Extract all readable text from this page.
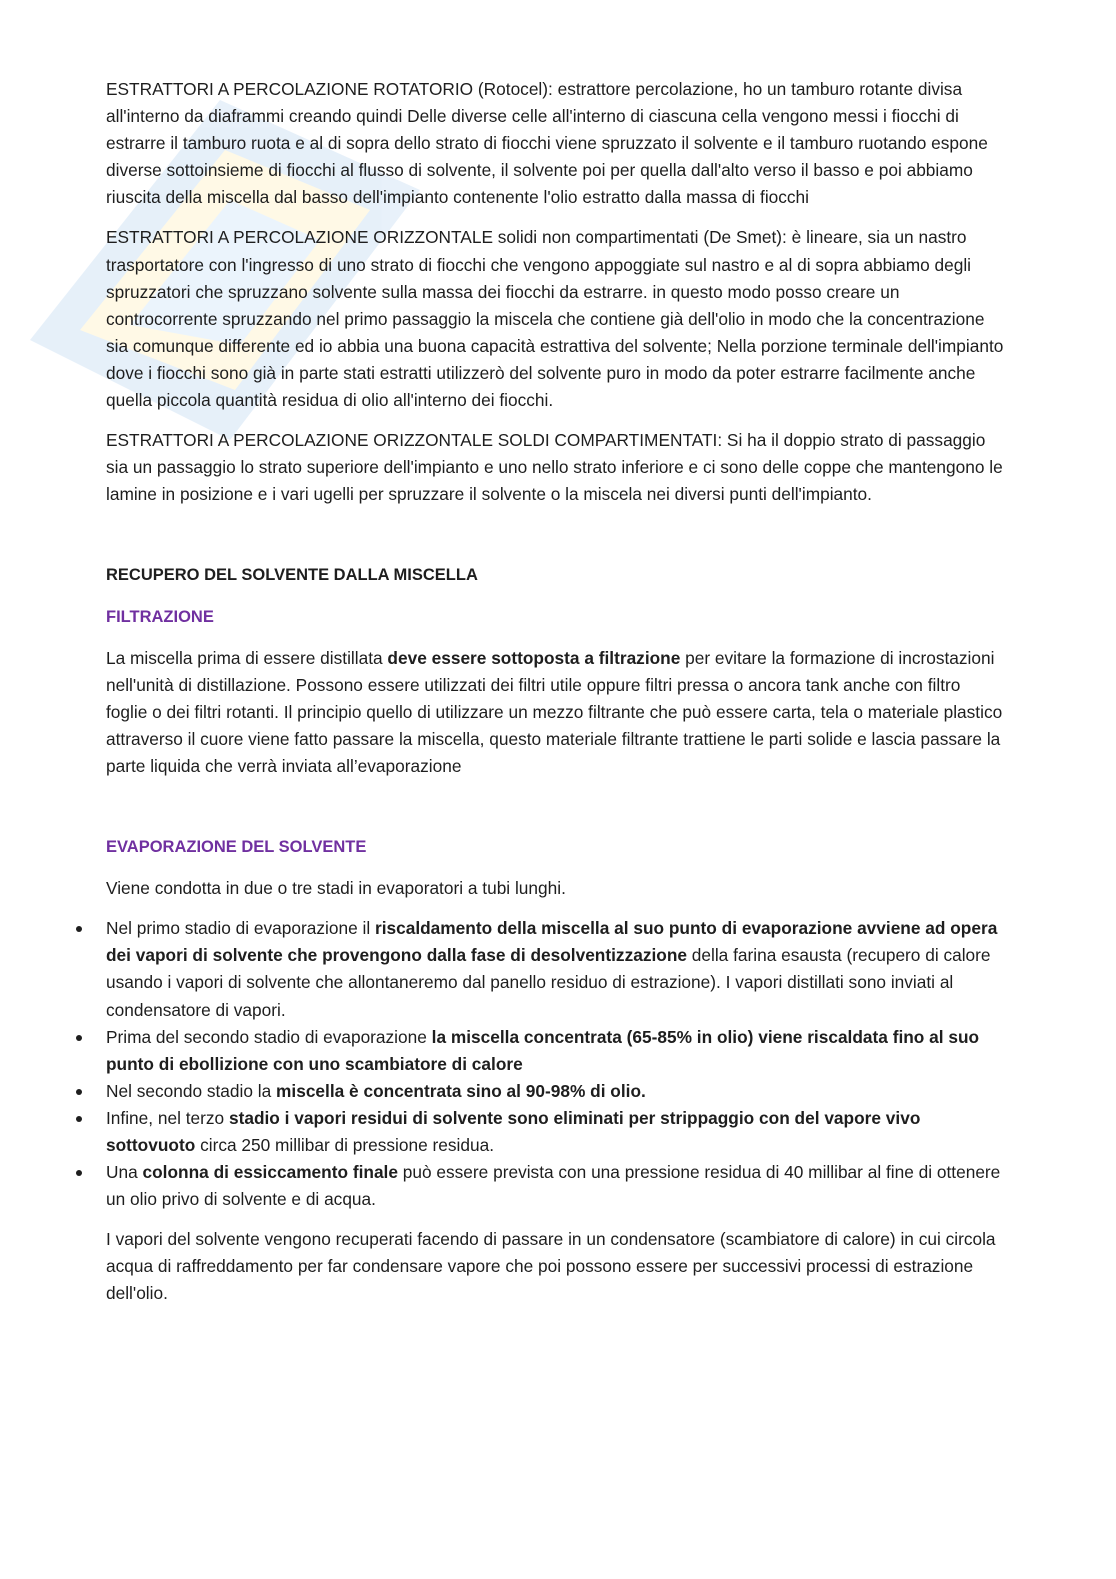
ESTRATTORI A PERCOLAZIONE ROTATORIO (Rotocel): estrattore percolazione, ho un tamburo rotante divisa all'interno da diaframmi creando quindi Delle diverse celle all'interno di ciascuna cella vengono messi i fiocchi di estrarre il tamburo ruota e al di sopra dello strato di fiocchi viene spruzzato il solvente e il tamburo ruotando espone diverse sottoinsieme di fiocchi al flusso di solvente, il solvente poi per quella dall'alto verso il basso e poi abbiamo riuscita della miscella dal basso dell'impianto contenente l'olio estratto dalla massa di fiocchi

ESTRATTORI A PERCOLAZIONE ORIZZONTALE solidi non compartimentati (De Smet): è lineare, sia un nastro trasportatore con l'ingresso di uno strato di fiocchi che vengono appoggiate sul nastro e al di sopra abbiamo degli spruzzatori che spruzzano solvente sulla massa dei fiocchi da estrarre. in questo modo posso creare un controcorrente spruzzando nel primo passaggio la miscela che contiene già dell'olio in modo che la concentrazione sia comunque differente ed io abbia una buona capacità estrattiva del solvente; Nella porzione terminale dell'impianto dove i fiocchi sono già in parte stati estratti utilizzerò del solvente puro in modo da poter estrarre facilmente anche quella piccola quantità residua di olio all'interno dei fiocchi.

ESTRATTORI A PERCOLAZIONE ORIZZONTALE SOLDI COMPARTIMENTATI: Si ha il doppio strato di passaggio sia un passaggio lo strato superiore dell'impianto e uno nello strato inferiore e ci sono delle coppe che mantengono le lamine in posizione e i vari ugelli per spruzzare il solvente o la miscela nei diversi punti dell'impianto.

RECUPERO DEL SOLVENTE DALLA MISCELLA

FILTRAZIONE

La miscella prima di essere distillata deve essere sottoposta a filtrazione per evitare la formazione di incrostazioni nell'unità di distillazione. Possono essere utilizzati dei filtri utile oppure filtri pressa o ancora tank anche con filtro foglie o dei filtri rotanti. Il principio quello di utilizzare un mezzo filtrante che può essere carta, tela o materiale plastico attraverso il cuore viene fatto passare la miscella, questo materiale filtrante trattiene le parti solide e lascia passare la parte liquida che verrà inviata all’evaporazione

EVAPORAZIONE DEL SOLVENTE

Viene condotta in due o tre stadi in evaporatori a tubi lunghi.

Nel primo stadio di evaporazione il riscaldamento della miscella al suo punto di evaporazione avviene ad opera dei vapori di solvente che provengono dalla fase di desolventizzazione della farina esausta (recupero di calore usando i vapori di solvente che allontaneremo dal panello residuo di estrazione). I vapori distillati sono inviati al condensatore di vapori.
Prima del secondo stadio di evaporazione la miscella concentrata (65-85% in olio) viene riscaldata fino al suo punto di ebollizione con uno scambiatore di calore
Nel secondo stadio la miscella è concentrata sino al 90-98% di olio.
Infine, nel terzo stadio i vapori residui di solvente sono eliminati per strippaggio con del vapore vivo sottovuoto circa 250 millibar di pressione residua.
Una colonna di essiccamento finale può essere prevista con una pressione residua di 40 millibar al fine di ottenere un olio privo di solvente e di acqua.

I vapori del solvente vengono recuperati facendo di passare in un condensatore (scambiatore di calore) in cui circola acqua di raffreddamento per far condensare vapore che poi possono essere per successivi processi di estrazione dell'olio.
